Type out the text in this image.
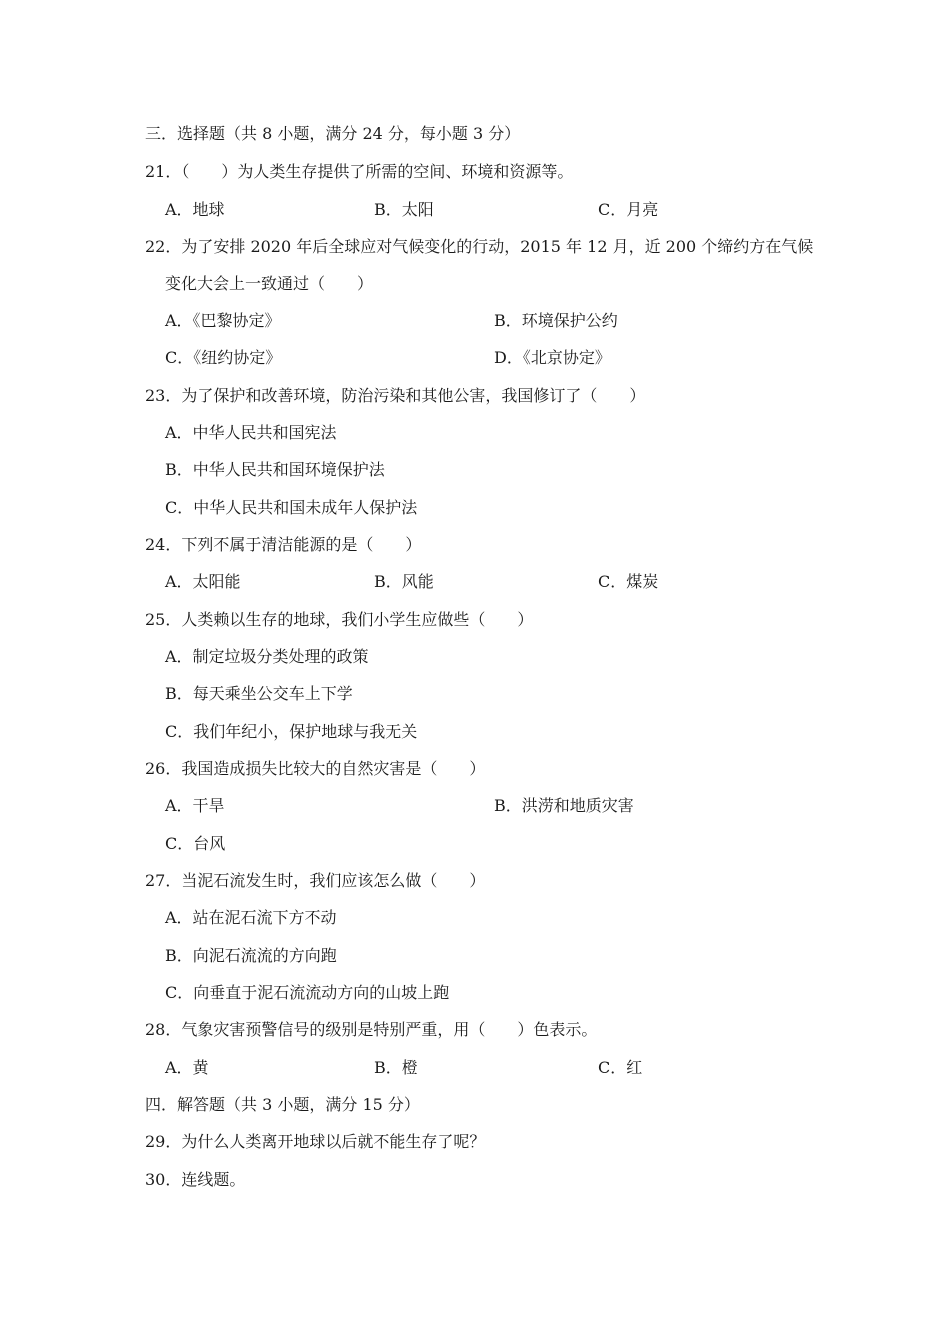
三．选择题（共 8 小题，满分 24 分，每小题 3 分）
21．（　　）为人类生存提供了所需的空间、环境和资源等。
A．地球	B．太阳	C．月亮
22．为了安排 2020 年后全球应对气候变化的行动，2015 年 12 月，近 200 个缔约方在气候
变化大会上一致通过（　　）
A．《巴黎协定》	B．环境保护公约
C．《纽约协定》	D．《北京协定》
23．为了保护和改善环境，防治污染和其他公害，我国修订了（　　）
A．中华人民共和国宪法
B．中华人民共和国环境保护法
C．中华人民共和国未成年人保护法
24．下列不属于清洁能源的是（　　）
A．太阳能	B．风能	C．煤炭
25．人类赖以生存的地球，我们小学生应做些（　　）
A．制定垃圾分类处理的政策
B．每天乘坐公交车上下学
C．我们年纪小，保护地球与我无关
26．我国造成损失比较大的自然灾害是（　　）
A．干旱	B．洪涝和地质灾害
C．台风
27．当泥石流发生时，我们应该怎么做（　　）
A．站在泥石流下方不动
B．向泥石流流的方向跑
C．向垂直于泥石流流动方向的山坡上跑
28．气象灾害预警信号的级别是特别严重，用（　　）色表示。
A．黄	B．橙	C．红
四．解答题（共 3 小题，满分 15 分）
29．为什么人类离开地球以后就不能生存了呢？
30．连线题。
